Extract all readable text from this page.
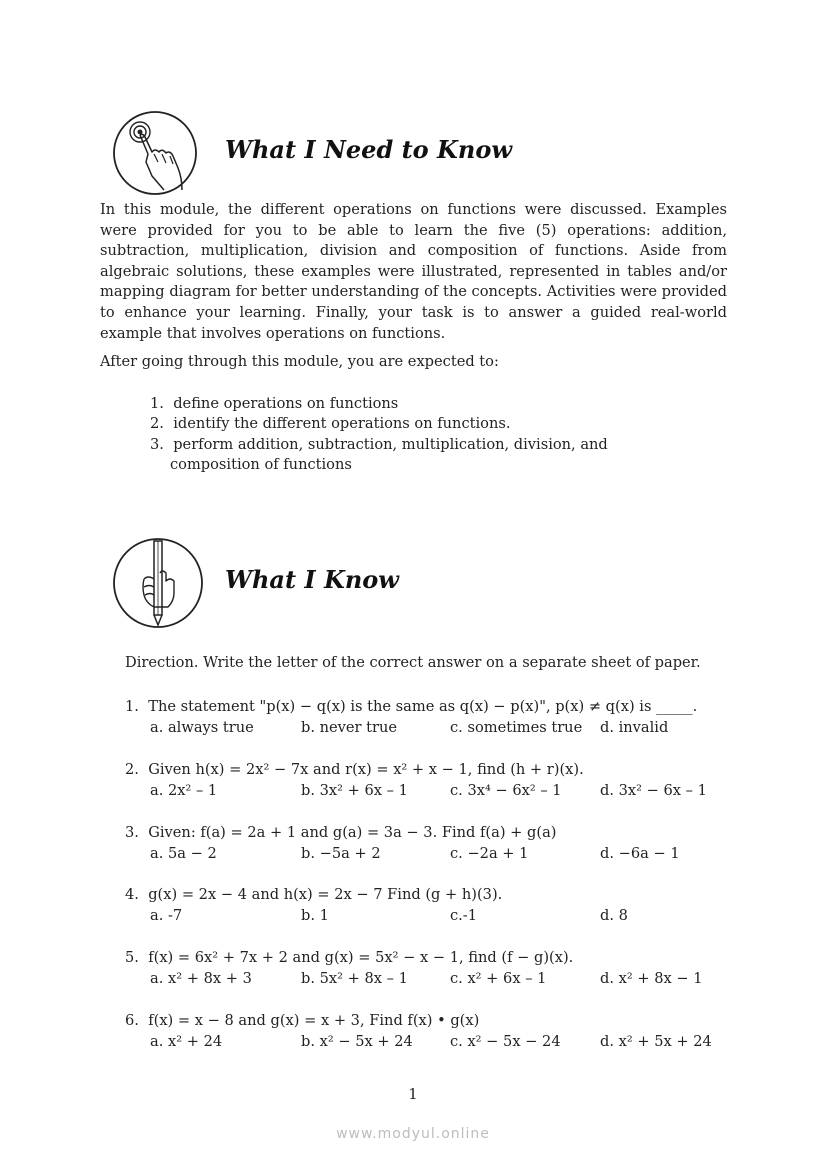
What I Need to Know
In this module, the different operations on functions were discussed. Examples were provided for you to be able to learn the five (5) operations: addition, subtraction, multiplication, division and composition of functions. Aside from algebraic solutions, these examples were illustrated, represented in tables and/or mapping diagram for better understanding of the concepts. Activities were provided to enhance your learning. Finally, your task is to answer a guided real-world example that involves operations on functions.
After going through this module, you are expected to:
1. define operations on functions
2. identify the different operations on functions.
3. perform addition, subtraction, multiplication, division, and
composition of functions
What I Know
Direction. Write the letter of the correct answer on a separate sheet of paper.
1. The statement "p(x) − q(x) is the same as q(x) − p(x)", p(x) ≠ q(x) is _____.
a. always true	b. never true	c. sometimes true d. invalid
2. Given h(x) = 2x² − 7x and r(x) = x² + x − 1, find (h + r)(x).
a. 2x² – 1	b. 3x² + 6x – 1	c. 3x⁴ − 6x² – 1	d. 3x² − 6x – 1
3. Given: f(a) = 2a + 1 and g(a) = 3a − 3. Find f(a) + g(a)
a. 5a − 2	b. −5a + 2	c. −2a + 1	d. −6a − 1
4. g(x) = 2x − 4 and h(x) = 2x − 7 Find (g + h)(3).
a. -7	b. 1	c.-1	d. 8
5. f(x) = 6x² + 7x + 2 and g(x) = 5x² − x − 1, find (f − g)(x).
a. x² + 8x + 3	b. 5x² + 8x – 1	c. x² + 6x – 1	d. x² + 8x − 1
6. f(x) = x − 8 and g(x) = x + 3, Find f(x) • g(x)
a. x² + 24	b. x² − 5x + 24	c. x² − 5x − 24	d. x² + 5x + 24
1
www.modyul.online
